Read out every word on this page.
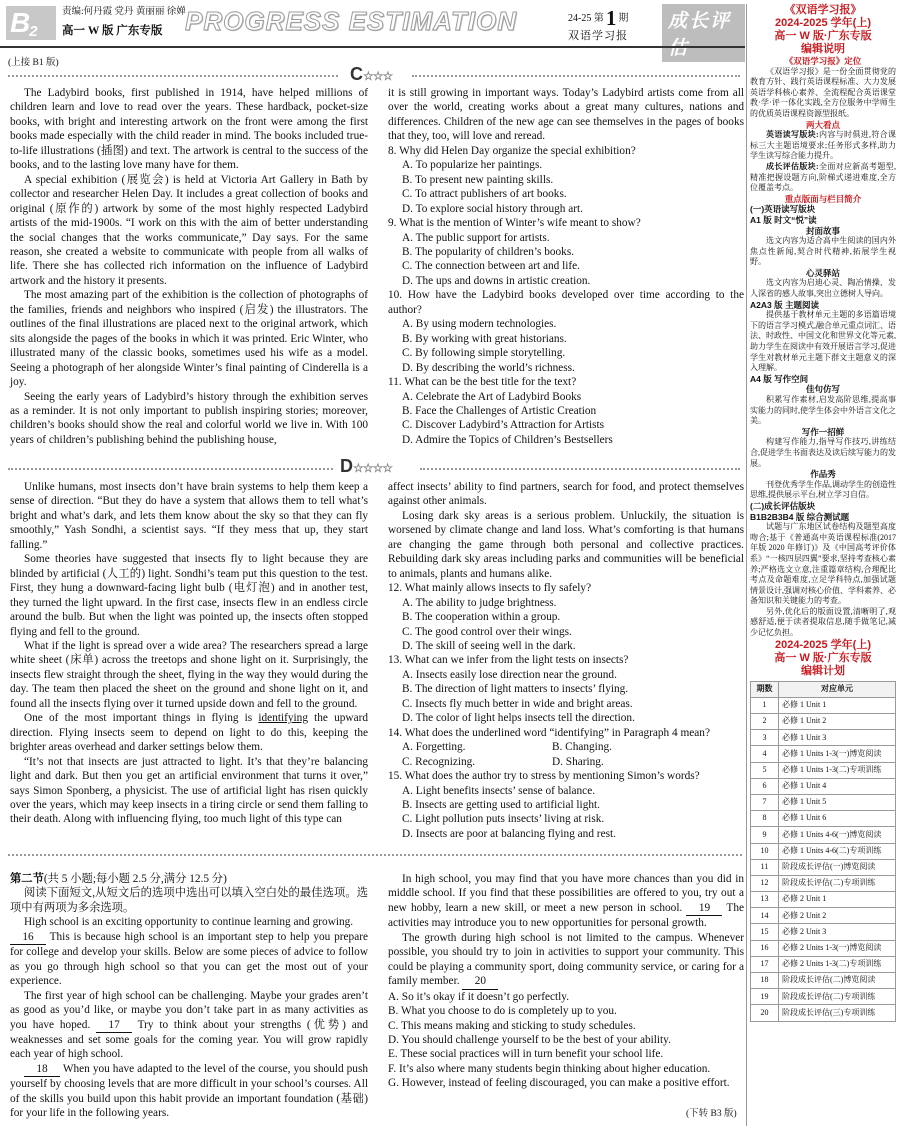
$B_2$
责编:何丹霞 党丹 黄丽丽 徐婵
高一 W 版 广东专版 PROGRESS ESTIMATION	24-25 第1 期
双语学习报
成长评估
(上接 B1 版)
C☆☆☆

The Ladybird books, first published in 1914, have helped millions of children learn and love to read over the years. These hardback, pocket-size books, with bright and interesting artwork on the front were among the first books made especially with the child reader in mind. The books included true-to-life illustrations (插图) and text. The artwork is central to the success of the books, and to the lasting love many have for them.

A special exhibition (展览会) is held at Victoria Art Gallery in Bath by collector and researcher Helen Day. It includes a great collection of books and original (原作的) artwork by some of the most highly respected Ladybird artists of the mid-1900s. “I work on this with the aim of better understanding the social changes that the works communicate,” Day says. For the same reason, she created a website to communicate with people from all walks of life. There she has collected rich information on the influence of Ladybird artwork and the history it presents.

The most amazing part of the exhibition is the collection of photographs of the families, friends and neighbors who inspired (启发) the illustrators. The outlines of the final illustrations are placed next to the original artwork, which sits alongside the pages of the books in which it was printed. Eric Winter, who illustrated many of the classic books, sometimes used his wife as a model. Seeing a photograph of her alongside Winter’s final painting of Cinderella is a joy.

Seeing the early years of Ladybird’s history through the exhibition serves as a reminder. It is not only important to publish inspiring stories; moreover, children’s books should show the real and colorful world we live in. With 100 years of children’s publishing behind the publishing house,

it is still growing in important ways. Today’s Ladybird artists come from all over the world, creating works about a great many cultures, nations and differences. Children of the new age can see themselves in the pages of books that they, too, will love and reread.

8. Why did Helen Day organize the special exhibition?
A. To popularize her paintings.
B. To present new painting skills.
C. To attract publishers of art books.
D. To explore social history through art.
9. What is the mention of Winter’s wife meant to show?
A. The public support for artists.
B. The popularity of children’s books.
C. The connection between art and life.
D. The ups and downs in artistic creation.
10. How have the Ladybird books developed over time according to the author?
A. By using modern technologies.
B. By working with great historians.
C. By following simple storytelling.
D. By describing the world’s richness.
11. What can be the best title for the text?
A. Celebrate the Art of Ladybird Books
B. Face the Challenges of Artistic Creation
C. Discover Ladybird’s Attraction for Artists
D. Admire the Topics of Children’s Bestsellers
D☆☆☆☆

Unlike humans, most insects don’t have brain systems to help them keep a sense of direction. “But they do have a system that allows them to tell what’s bright and what’s dark, and lets them know about the sky so that they can fly smoothly,” Yash Sondhi, a scientist says. “If they mess that up, they start falling.”

Some theories have suggested that insects fly to light because they are blinded by artificial (人工的) light. Sondhi’s team put this question to the test. First, they hung a downward-facing light bulb (电灯泡) and in another test, they turned the light upward. In the first case, insects flew in an endless circle around the bulb. But when the light was pointed up, the insects often stopped flying and fell to the ground.

What if the light is spread over a wide area? The researchers spread a large white sheet (床单) across the treetops and shone light on it. Surprisingly, the insects flew straight through the sheet, flying in the way they would during the day. The team then placed the sheet on the ground and shone light on it, and found all the insects flying over it turned upside down and fell to the ground.

One of the most important things in flying is identifying the upward direction. Flying insects seem to depend on light to do this, keeping the brighter areas overhead and darker settings below them.

“It’s not that insects are just attracted to light. It’s that they’re balancing light and dark. But then you get an artificial environment that turns it over,” says Simon Sponberg, a physicist. The use of artificial light has risen quickly over the years, which may keep insects in a tiring circle or send them falling to their death. Along with influencing flying, too much light of this type can

affect insects’ ability to find partners, search for food, and protect themselves against other animals.

Losing dark sky areas is a serious problem. Unluckily, the situation is worsened by climate change and land loss. What’s comforting is that humans are changing the game through both personal and collective practices. Rebuilding dark sky areas including parks and communities will be beneficial to animals, plants and humans alike.

12. What mainly allows insects to fly safely?
A. The ability to judge brightness.
B. The cooperation within a group.
C. The good control over their wings.
D. The skill of seeing well in the dark.
13. What can we infer from the light tests on insects?
A. Insects easily lose direction near the ground.
B. The direction of light matters to insects’ flying.
C. Insects fly much better in wide and bright areas.
D. The color of light helps insects tell the direction.
14. What does the underlined word “identifying” in Paragraph 4 mean?
A. Forgetting.	B. Changing.
C. Recognizing.	D. Sharing.
15. What does the author try to stress by mentioning Simon’s words?
A. Light benefits insects’ sense of balance.
B. Insects are getting used to artificial light.
C. Light pollution puts insects’ living at risk.
D. Insects are poor at balancing flying and rest.
第二节(共 5 小题;每小题 2.5 分,满分 12.5 分)

阅读下面短文,从短文后的选项中选出可以填入空白处的最佳选项。选项中有两项为多余选项。

High school is an exciting opportunity to continue learning and growing.

16 This is because high school is an important step to help you prepare for college and develop your skills. Below are some pieces of advice to follow as you go through high school so that you can get the most out of your experience.

The first year of high school can be challenging. Maybe your grades aren’t as good as you’d like, or maybe you don’t take part in as many activities as you have hoped. 17 Try to think about your strengths (优势) and weaknesses and set some goals for the coming year. You will grow rapidly each year of high school.

18 When you have adapted to the level of the course, you should push yourself by choosing levels that are more difficult in your school’s courses. All of the skills you build upon this habit provide an important foundation (基础) for your life in the following years.

In high school, you may find that you have more chances than you did in middle school. If you find that these possibilities are offered to you, try out a new hobby, learn a new skill, or meet a new person in school. 19 The activities may introduce you to new opportunities for personal growth.

The growth during high school is not limited to the campus. Whenever possible, you should try to join in activities to support your community. This could be playing a community sport, doing community service, or caring for a family member. 20

A. So it’s okay if it doesn’t go perfectly.
B. What you choose to do is completely up to you.
C. This means making and sticking to study schedules.
D. You should challenge yourself to be the best of your ability.
E. These social practices will in turn benefit your school life.
F. It’s also where many students begin thinking about higher education.
G. However, instead of feeling discouraged, you can make a positive effort.
(下转 B3 版)
《双语学习报》
2024-2025 学年(上)
高一 W 版·广东专版
编辑说明
《双语学习报》定位

《双语学习报》是一份全面贯彻党的教育方针、践行英语课程标准、大力发展英语学科核心素养、全流程配合英语课堂教·学·评一体化实践,全方位服务中学师生的优质英语课程资源型报纸。

两大看点

英语读写版块:内容与时俱进,符合课标三大主题语境要求;任务形式多样,助力学生读写综合能力提升。

成长评估版块:全面对应新高考题型,精准把握设题方向,阶梯式递进难度,全方位覆盖考点。

重点版面与栏目简介
(一)英语读写版块
A1 版 时文“悦”读
封面故事

选文内容为适合高中生阅读的国内外焦点性新闻,契合时代精神,拓展学生视野。

心灵驿站

选文内容为启迪心灵、陶冶情操、发人深省的感人故事,突出立德树人导向。

A2A3 版 主题阅读

提供基于教材单元主题的多语篇语境下的语言学习模式,融合单元重点词汇、语法、时政性、中国文化和世界文化等元素,助力学生在阅读中有效开展语言学习,促进学生对教材单元主题下群文主题意义的深入理解。

A4 版 写作空间
佳句仿写

积累写作素材,启发高阶思维,提高事实能力的同时,使学生体会中外语言文化之美。

写作一招鲜

构建写作能力,指导写作技巧,讲练结合,促进学生书面表达及读后续写能力的发展。

作品秀

刊登优秀学生作品,调动学生的创造性思维,提供展示平台,树立学习自信。

(二)成长评估版块
B1B2B3B4 版 综合测试题

试题与广东地区试卷结构及题型高度吻合;基于《普通高中英语课程标准(2017 年版 2020 年修订)》及《中国高考评价体系》“一核四层四翼”要求,坚持考查核心素养;严格选文立意,注重篇章结构,合理配比考点及命题难度,立足学科特点,加强试题情景设计,强调对核心价值、学科素养、必备知识和关键能力的考查。

另外,优化后的版面设置,清晰明了,观感舒适,便于读者提取信息,随手做笔记,减少记忆负担。

2024-2025 学年(上)
高一 W 版·广东专版
编辑计划
期数	对应单元
1	必修 1 Unit 1
2	必修 1 Unit 2
3	必修 1 Unit 3
4	必修 1 Units 1-3(一)博览阅读
5	必修 1 Units 1-3(二)专项训练
6	必修 1 Unit 4
7	必修 1 Unit 5
8	必修 1 Unit 6
9	必修 1 Units 4-6(一)博览阅读
10	必修 1 Units 4-6(二)专项训练
11	阶段成长评估(一)博览阅读
12	阶段成长评估(二)专项训练
13	必修 2 Unit 1
14	必修 2 Unit 2
15	必修 2 Unit 3
16	必修 2 Units 1-3(一)博览阅读
17	必修 2 Units 1-3(二)专项训练
18	阶段成长评估(二)博览阅读
19	阶段成长评估(二)专项训练
20	阶段成长评估(三)专项训练
